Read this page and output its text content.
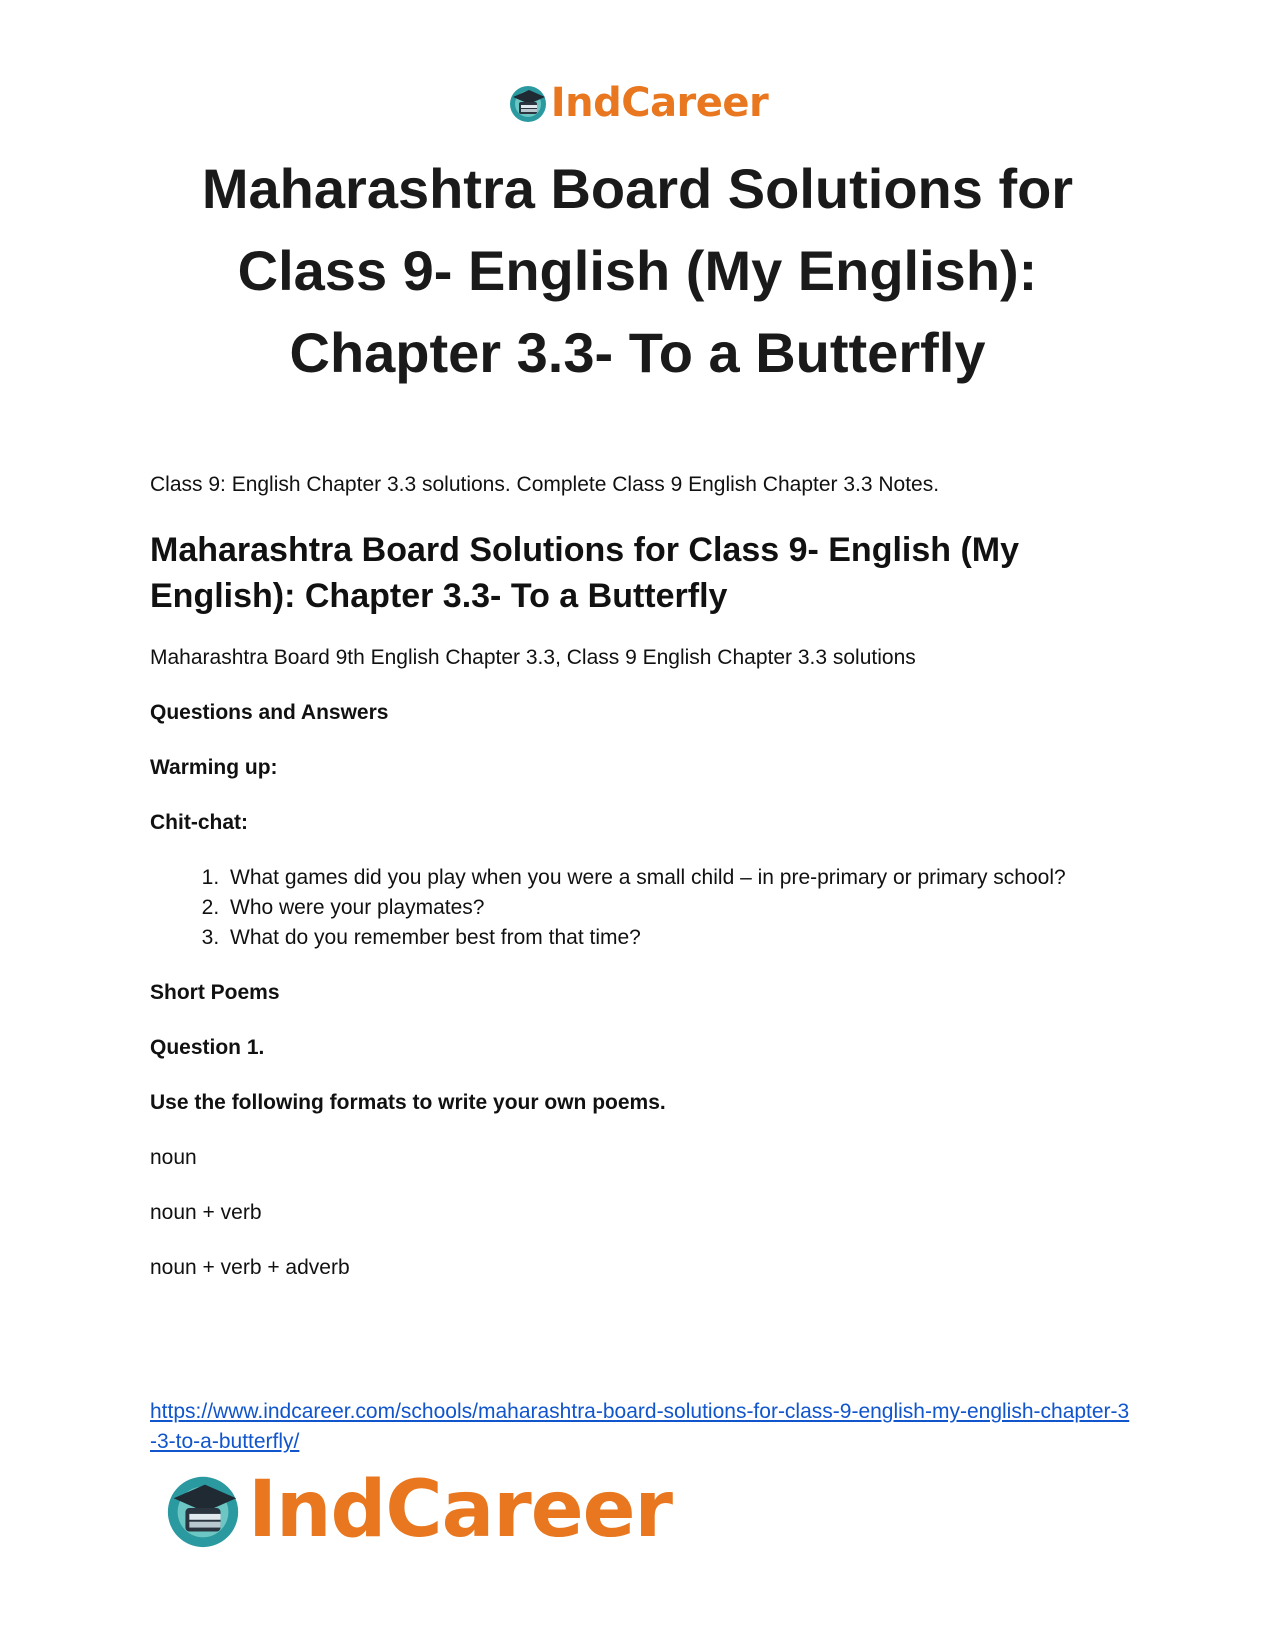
IndCareer
Maharashtra Board Solutions for Class 9- English (My English): Chapter 3.3- To a Butterfly

Class 9: English Chapter 3.3 solutions. Complete Class 9 English Chapter 3.3 Notes.

Maharashtra Board Solutions for Class 9- English (My English): Chapter 3.3- To a Butterfly

Maharashtra Board 9th English Chapter 3.3, Class 9 English Chapter 3.3 solutions

Questions and Answers

Warming up:

Chit-chat:

1. What games did you play when you were a small child – in pre-primary or primary school?
2. Who were your playmates?
3. What do you remember best from that time?

Short Poems

Question 1.

Use the following formats to write your own poems.

noun

noun + verb

noun + verb + adverb

https://www.indcareer.com/schools/maharashtra-board-solutions-for-class-9-english-my-english-chapter-3-3-to-a-butterfly/
IndCareer
